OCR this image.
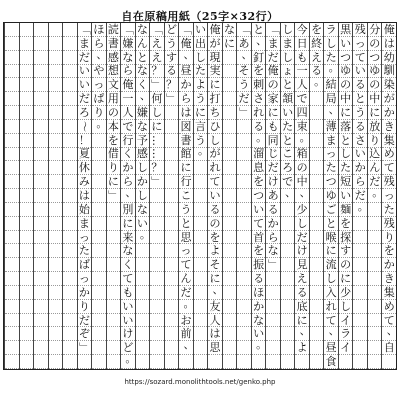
自在原稿用紙（25字×32行）
俺
は
幼
馴
染
が
か
き
集
め
て
残
っ
た
残
り
を
か
き
集
め
て
、
自
分
の
つ
ゆ
の
中
に
放
り
込
ん
だ
。
残
っ
て
い
る
と
う
る
さ
い
か
ら
だ
。
黒
い
つ
ゆ
の
中
に
落
と
し
た
短
い
麺
を
探
す
の
に
少
し
イ
ラ
イ
ラ
し
た
。
結
局
、
薄
ま
っ
た
つ
ゆ
ご
と
喉
に
流
し
入
れ
て
、
昼
食
を
終
え
る
。
今
日
も
一
人
で
四
束
。
箱
の
中
、
少
し
だ
け
見
え
る
底
に
、
よ
し
ま
し
ょ
と
頷
い
た
と
こ
ろ
で
、
「
ま
だ
俺
の
家
に
も
同
じ
だ
け
あ
る
か
ら
な
」
と
、
釘
を
刺
さ
れ
る
。
溜
息
を
つ
い
て
首
を
振
る
ほ
か
な
い
。
「
あ
、
そ
う
だ
」
な
に
俺
が
現
実
に
打
ち
ひ
し
が
れ
て
い
る
の
を
よ
そ
に
、
友
人
は
思
い
出
し
た
よ
う
に
言
う
。
「
俺
、
昼
か
ら
は
図
書
館
に
行
こ
う
と
思
っ
て
ん
だ
。
お
前
、
ど
う
す
る
？
」
「
え
え
？
」
何
し
に
…
…
？
」
な
ん
と
な
く
、
嫌
な
予
感
し
か
し
な
い
。
「
嫌
な
ら
俺
一
人
で
行
く
か
ら
、
別
に
来
な
く
て
も
い
い
け
ど
。
読
書
感
想
文
用
の
本
を
借
り
に
」
ほ
ら
、
や
っ
ぱ
り
。
「
ま
だ
い
い
だ
ろ
〜
！
夏
休
み
は
始
ま
っ
た
ば
っ
か
り
だ
ぞ
」
https://sozard.monolithtools.net/genko.php
